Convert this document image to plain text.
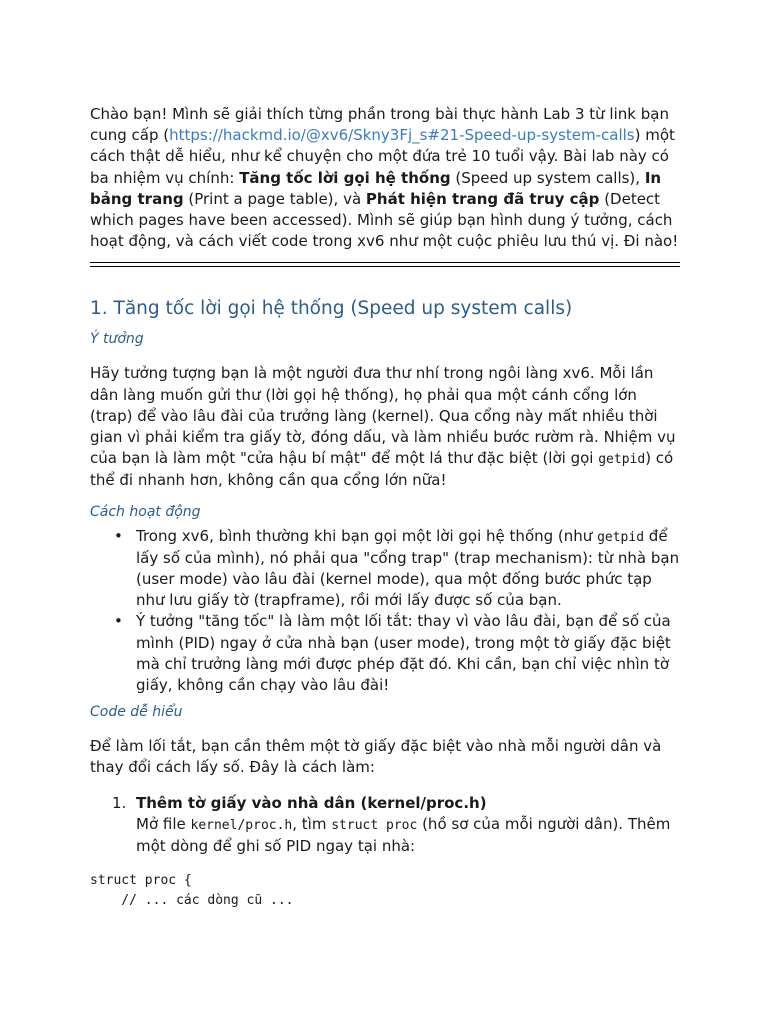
Chào bạn! Mình sẽ giải thích từng phần trong bài thực hành Lab 3 từ link bạn cung cấp (https://hackmd.io/@xv6/Skny3Fj_s#21-Speed-up-system-calls) một cách thật dễ hiểu, như kể chuyện cho một đứa trẻ 10 tuổi vậy. Bài lab này có ba nhiệm vụ chính: Tăng tốc lời gọi hệ thống (Speed up system calls), In bảng trang (Print a page table), và Phát hiện trang đã truy cập (Detect which pages have been accessed). Mình sẽ giúp bạn hình dung ý tưởng, cách hoạt động, và cách viết code trong xv6 như một cuộc phiêu lưu thú vị. Đi nào!

1. Tăng tốc lời gọi hệ thống (Speed up system calls)
Ý tưởng

Hãy tưởng tượng bạn là một người đưa thư nhí trong ngôi làng xv6. Mỗi lần dân làng muốn gửi thư (lời gọi hệ thống), họ phải qua một cánh cổng lớn (trap) để vào lâu đài của trưởng làng (kernel). Qua cổng này mất nhiều thời gian vì phải kiểm tra giấy tờ, đóng dấu, và làm nhiều bước rườm rà. Nhiệm vụ của bạn là làm một "cửa hậu bí mật" để một lá thư đặc biệt (lời gọi getpid) có thể đi nhanh hơn, không cần qua cổng lớn nữa!

Cách hoạt động
• Trong xv6, bình thường khi bạn gọi một lời gọi hệ thống (như getpid để lấy số của mình), nó phải qua "cổng trap" (trap mechanism): từ nhà bạn (user mode) vào lâu đài (kernel mode), qua một đống bước phức tạp như lưu giấy tờ (trapframe), rồi mới lấy được số của bạn.
• Ý tưởng "tăng tốc" là làm một lối tắt: thay vì vào lâu đài, bạn để số của mình (PID) ngay ở cửa nhà bạn (user mode), trong một tờ giấy đặc biệt mà chỉ trưởng làng mới được phép đặt đó. Khi cần, bạn chỉ việc nhìn tờ giấy, không cần chạy vào lâu đài!
Code dễ hiểu

Để làm lối tắt, bạn cần thêm một tờ giấy đặc biệt vào nhà mỗi người dân và thay đổi cách lấy số. Đây là cách làm:

1. Thêm tờ giấy vào nhà dân (kernel/proc.h)
Mở file kernel/proc.h, tìm struct proc (hồ sơ của mỗi người dân). Thêm một dòng để ghi số PID ngay tại nhà:
struct proc {
// ... các dòng cũ ...
